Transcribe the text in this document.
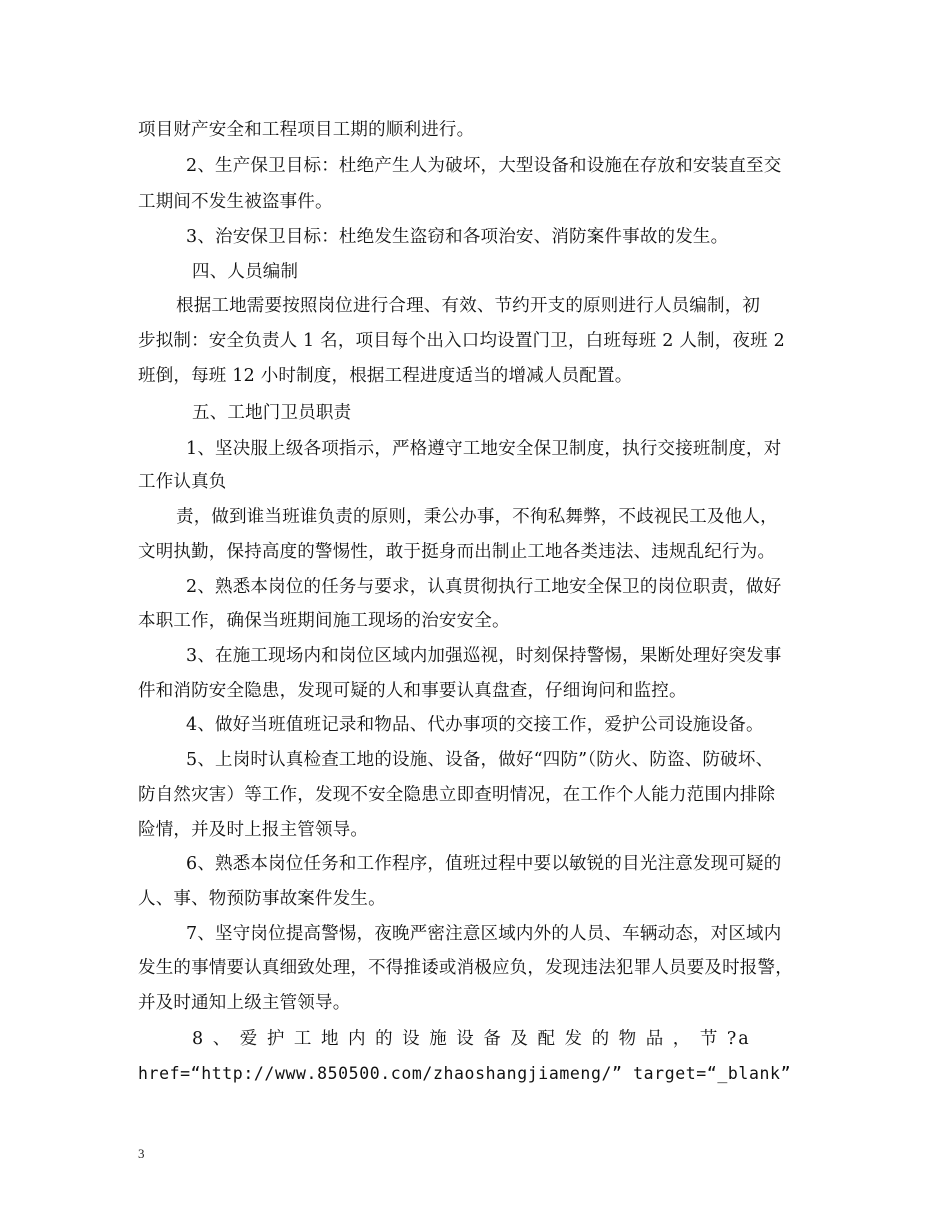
项目财产安全和工程项目工期的顺利进行。
2、生产保卫目标：杜绝产生人为破坏，大型设备和设施在存放和安装直至交
工期间不发生被盗事件。
3、治安保卫目标：杜绝发生盗窃和各项治安、消防案件事故的发生。
四、人员编制
根据工地需要按照岗位进行合理、有效、节约开支的原则进行人员编制，初
步拟制：安全负责人 1 名，项目每个出入口均设置门卫，白班每班 2 人制，夜班 2
班倒，每班 12 小时制度，根据工程进度适当的增减人员配置。
五、工地门卫员职责
1、坚决服上级各项指示，严格遵守工地安全保卫制度，执行交接班制度，对
工作认真负
责，做到谁当班谁负责的原则，秉公办事，不徇私舞弊，不歧视民工及他人，
文明执勤，保持高度的警惕性，敢于挺身而出制止工地各类违法、违规乱纪行为。
2、熟悉本岗位的任务与要求，认真贯彻执行工地安全保卫的岗位职责，做好
本职工作，确保当班期间施工现场的治安安全。
3、在施工现场内和岗位区域内加强巡视，时刻保持警惕，果断处理好突发事
件和消防安全隐患，发现可疑的人和事要认真盘查，仔细询问和监控。
4、做好当班值班记录和物品、代办事项的交接工作，爱护公司设施设备。
5、上岗时认真检查工地的设施、设备，做好“四防”（防火、防盗、防破坏、
防自然灾害）等工作，发现不安全隐患立即查明情况，在工作个人能力范围内排除
险情，并及时上报主管领导。
6、熟悉本岗位任务和工作程序，值班过程中要以敏锐的目光注意发现可疑的
人、事、物预防事故案件发生。
7、坚守岗位提高警惕，夜晚严密注意区域内外的人员、车辆动态，对区域内
发生的事情要认真细致处理，不得推诿或消极应负，发现违法犯罪人员要及时报警，
并及时通知上级主管领导。
8 、 爱 护 工 地 内 的 设 施 设 备 及 配 发 的 物 品 ， 节 ?a
href=“http://www.850500.com/zhaoshangjiameng/” target=“_blank”
3
